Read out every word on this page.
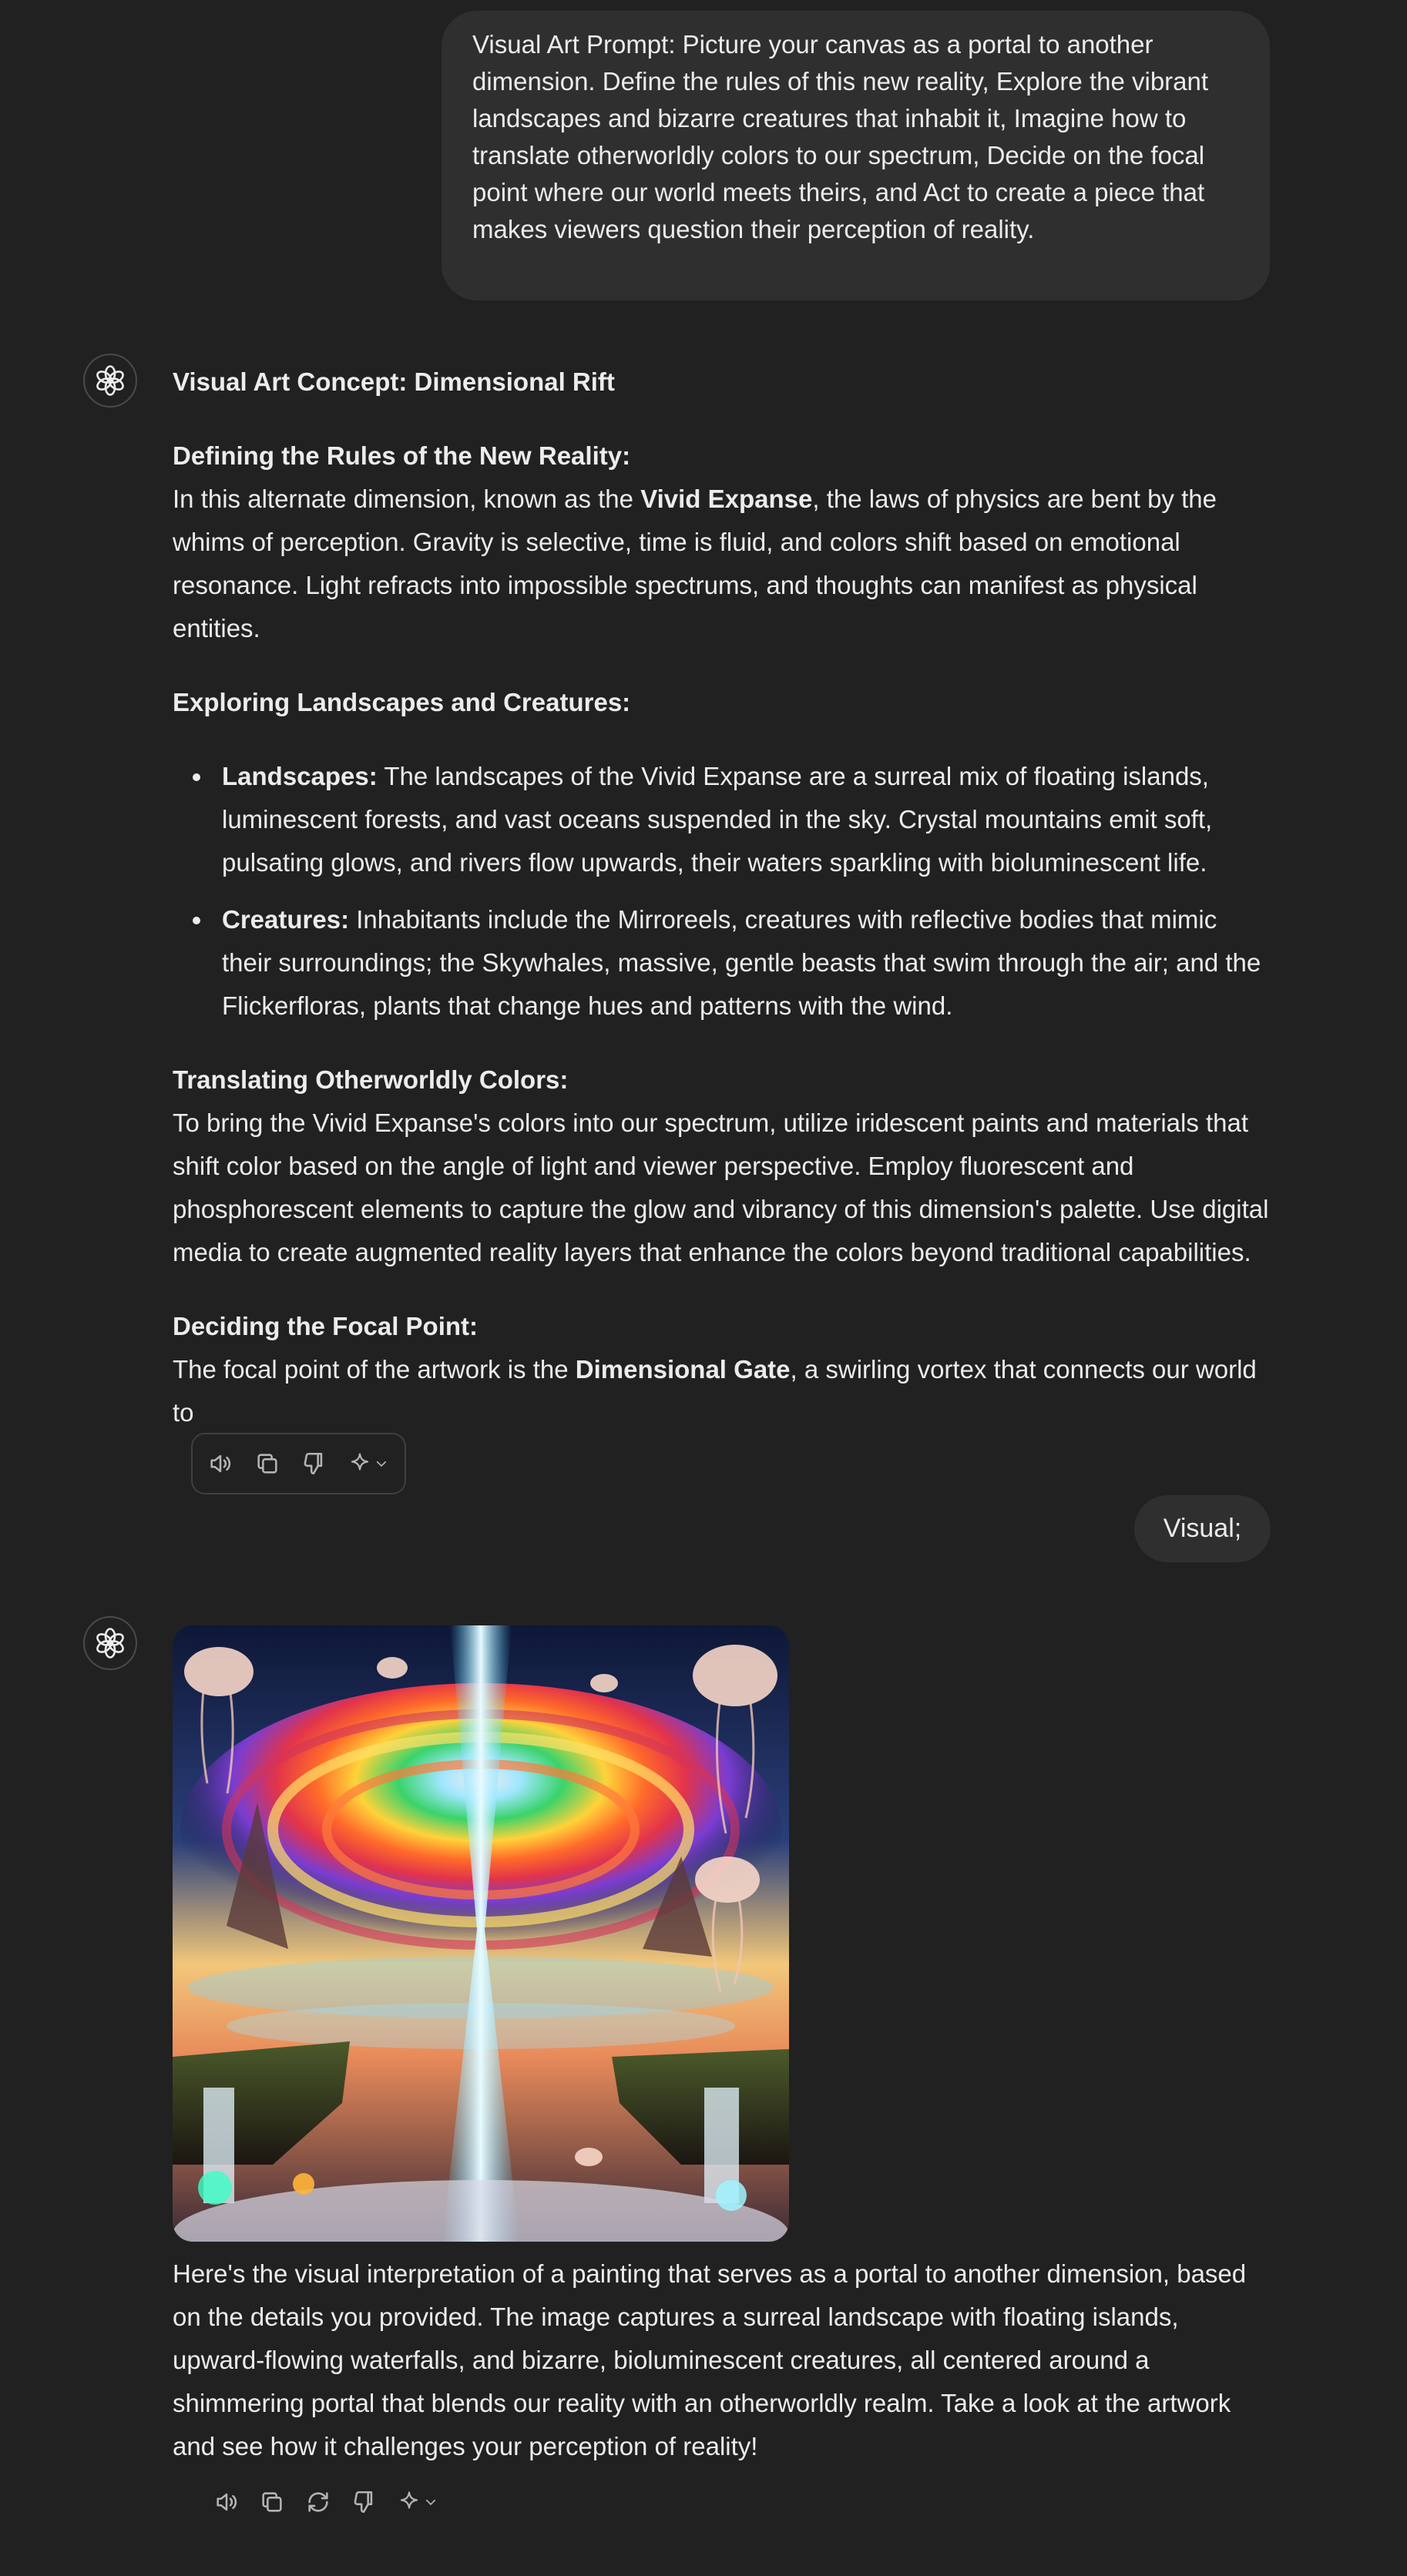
Visual Art Prompt: Picture your canvas as a portal to another dimension. Define the rules of this new reality, Explore the vibrant landscapes and bizarre creatures that inhabit it, Imagine how to translate otherworldly colors to our spectrum, Decide on the focal point where our world meets theirs, and Act to create a piece that makes viewers question their perception of reality.

Visual Art Concept: Dimensional Rift

Defining the Rules of the New Reality:

In this alternate dimension, known as the Vivid Expanse, the laws of physics are bent by the whims of perception. Gravity is selective, time is fluid, and colors shift based on emotional resonance. Light refracts into impossible spectrums, and thoughts can manifest as physical entities.

Exploring Landscapes and Creatures:

Landscapes: The landscapes of the Vivid Expanse are a surreal mix of floating islands, luminescent forests, and vast oceans suspended in the sky. Crystal mountains emit soft, pulsating glows, and rivers flow upwards, their waters sparkling with bioluminescent life.
Creatures: Inhabitants include the Mirroreels, creatures with reflective bodies that mimic their surroundings; the Skywhales, massive, gentle beasts that swim through the air; and the Flickerfloras, plants that change hues and patterns with the wind.

Translating Otherworldly Colors:

To bring the Vivid Expanse's colors into our spectrum, utilize iridescent paints and materials that shift color based on the angle of light and viewer perspective. Employ fluorescent and phosphorescent elements to capture the glow and vibrancy of this dimension's palette. Use digital media to create augmented reality layers that enhance the colors beyond traditional capabilities.

Deciding the Focal Point:

The focal point of the artwork is the Dimensional Gate, a swirling vortex that connects our world to

Visual;

Here's the visual interpretation of a painting that serves as a portal to another dimension, based on the details you provided. The image captures a surreal landscape with floating islands, upward-flowing waterfalls, and bizarre, bioluminescent creatures, all centered around a shimmering portal that blends our reality with an otherworldly realm. Take a look at the artwork and see how it challenges your perception of reality!
